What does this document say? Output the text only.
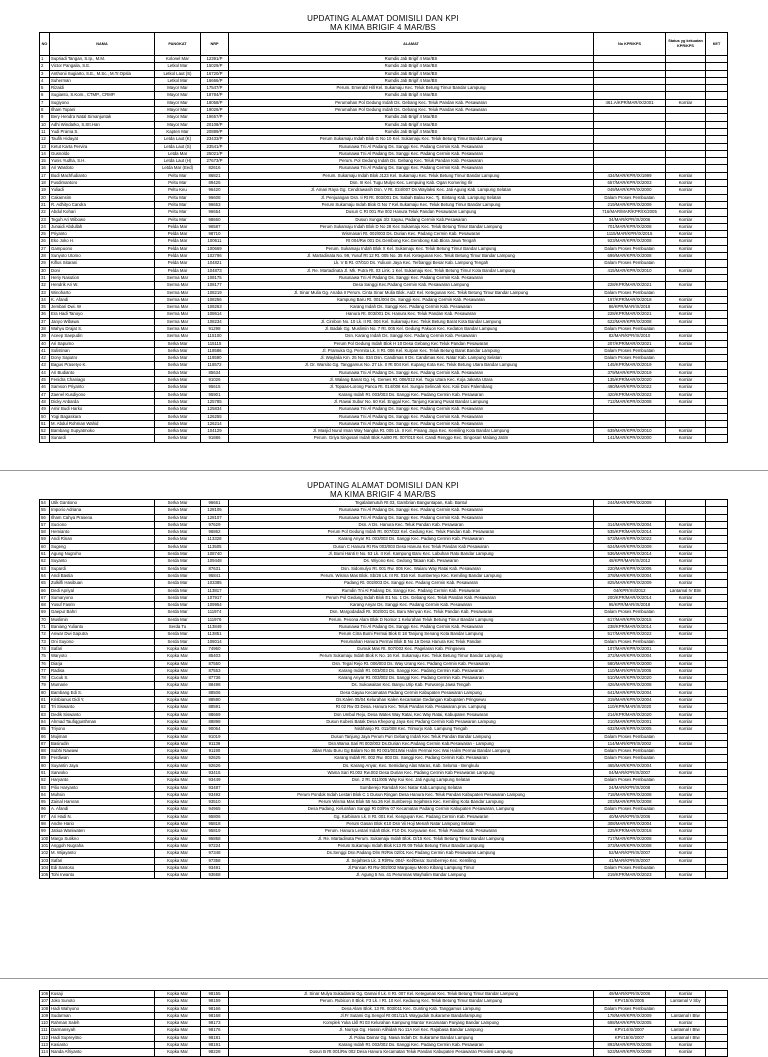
UPDATING ALAMAT DOMISILI DAN KPI
MA KIMA BRIGIF 4 MAR/BS
NO	NAMA	PANGKAT	NRP	ALAMAT	No KPR/KPS	Status yg kekuatan KPR/KPS	KET
1	Supriadi Tangan, S.Ip., M.M.	Kolonel Mar	12391/P	Rumdis Jab Brigif 4 Mar/BS			
2	Victor Pangaila, S.E.	Letkol Mar	15029/P	Rumdis Jab Brigif 4 Mar/BS			
3	Anthonii Sugiarto, S.E., M.Sc., M.Tr.Opsla	Letkol Laut (S)	16720/P	Rumdis Jab Brigif 4 Mar/BS			
4	Suherman	Letkol Mar	16666/P	Rumdis Jab Brigif 4 Mar/BS			
5	Rizaldi	Mayor Mar	17547/P	Perum. Emerald Hill Kel. Sukamaju Kec. Teluk Betung Timur Bandar Lampung			
6	Sugianto, S.Kom., CTMP., CRMP.	Mayor Mar	18784/P	Rumdis Jab Brigif 4 Mar/BS			
7	Sugiyono	Mayor Mar	18058/P	Perumahan Pol Gedung Indah Ds. Gebang Kec. Teluk Pandan Kab. Pesawaran	461.A/KPR/MAR/IX/2001	Komlar	
8	Ilham Topani	Mayor Mar	19026/P	Perumahan Pol Gedung Indah Ds. Gebang Kec. Teluk Pandan Kab. Pesawaran			
9	Bery Hendra Natal Simanjuntak	Mayor Mar	19657/P	Rumdis Jab Brigif 4 Mar/BS			
10	Adhi Windarko, S.SIt.Han	Mayor Mar	20108/P	Rumdis Jab Brigif 4 Mar/BS			
11	Yudi Prama S.	Kapten Mar	20889/P	Rumdis Jab Brigif 4 Mar/BS			
12	Taufik Hidayat	Letda Laut (K)	23433/P	Perum Sukamaju Indah Blok G No 10 Kel. Sukamaju Kec. Teluk Betung Timur Bandar Lampung			
13	Ketut Karta Pervira	Letda Laut (S)	23541/P	Rusunawa Tni Al Padang Ds. Sanggi Kec. Padang Cermin Kab. Pesawaran			
14	Gusnoldo	Letda Mar	25021/P	Rusunawa Tni Al Padang Ds. Sanggi Kec. Padang Cermin Kab. Pesawaran			
15	Yunis Yudha, S.H.	Letda Laut (H)	27673/P	Perum. Pol Gedung Indah Ds. Gebang Kec. Teluk Pandan Kab. Pesawaran			
16	Ari Wardoto	Letda Mar (Eed)	82616	Rusunawa Tni Al Padang Ds. Sanggi Kec. Padang Cermin Kab. Pesawaran			
17	Budi Machfudianto	Peltu Mar	86821	Perum. Sukamaju Indah Blok J123 Kel. Sukamaju Kec. Teluk Betung Timur Bandar Lampung	434/MAR/KPR/IX/1999	Komlar	
18	Fusdimantoro	Peltu Mar	89425	Dsn. III Kel. Tugu Mulyo Kec. Lempuing Kab. Ogan Komering Ilir	657/MAR/KPR/IX/2003	Komlar	
19	Yuliadi	Peltu Keu	96420	Jl. Aman Raya Gg. Cendrawasih Dsn. V Rt. 024/007 Dn.Waylaksi Kec. Jati Agung Kab. Lampung Selatan	049/MAR/KPR/IX/2000	Komlar	
20	Cakamsim	Peltu Mar	96608	Jl. Penjuangan Dsn. Ii Rt Rt. 003/001 Ds. Sabah Balau Kec. Tj. Bintang Kab. Lampung Selatan	Dalam Proses Pembuatan		
21	R. Adhityo Candra	Peltu Mar	96653	Perum Sukamaju Indah Blok G No 7 Kel.Sukamaju Kec. Teluk Betung Timur Bandar Lampung	219/MAR/KPR/IX/2009	Komlar	
22	Abdul Kohari	Peltu Mar	96654	Dusun C Rt 001 Rw 002 Hanura Teluk Pandan Pesawaran Lampung	716/MAR/MAR/KPR/IX/2005	Komlar	
23	Teguh Ari Wibowo	Peltu Mar	98660	Dusun Sungai 3/2 Sayau, Padang Cermin Kab.Pesawaran	34/MAR/KPR/IX/2006	Komlar	
24	Junaidi Abdullah	Pelda Mar	96587	Perum Sukamaju Indah Blok D No 28 Kec Sukamaju Kec. Teluk Betung Timur Bandar Lampung	701/MAR/KPR/IX/2008	Komlar	
25	Priyanto	Pelda Mar	98710	Wismasari Rt. 002/003 Ds. Durian Kec. Padang Cermin Kab. Pesawaran	1115/MAR/KPR/IX/2015	Komlar	
26	Eko Joko H.	Pelda Mar	100611	Rt 004/Rw 001 Ds.Gembong Kec.Gembong Kab.Blora Jawa Tengah	923/MAR/KPR/IX/2008	Komlar	
27	Gampuono	Pelda Mar	100669	Perum. Sukamaju Indah Blok X Kel. Sukamaju Kec. Teluk Betung Timur Bandar Lampung	Dalam Proses Pembuatan	Komlar	
28	Sunyoto Utomo	Pelda Mar	102796	Jl. Martadinata No. 99, Yusuf Rt 12 Rt. 005 No. 35 Kel. Ketegunan Kec. Teluk Betung Timur Bandar Lampung	699/MAR/KPR/IX/2008	Komlar	
29	Kiflus Sitarani	Pelda Mar	104821	Lk. V B Rt. 07/010 Ds. Yuliuon Jaya Kec. Terbanggi Besar Kab. Lampung Tengah	Dalam Proses Pembuatan		
30	Doni	Pelda Mar	104873	Jl. Re. Martadinata Jl. Mk. Putra Rt. 03 Link. 1 Kel. Sukamaju Kec. Teluk Betung Timur Kota Bandar Lampung	415/MAR/KPR/IX/2010	Komlar	
31	Heriy Nasution	Serma Mar	108175	Rusunawa Tni Al Padang Ds. Sanggi Kec. Padang Cermin Kab. Pesawaran			
32	Hendrik Ari W.	Serma Mar	108177	Desa Sanggi Kec.Padang Cermin Kab. Pesawaran Lampung	228/KPR/MAR/IX/2021	Komlar	
33	Winoharto	Serma Mar	108219	Jl. Sinar Mulia Gg. Anaba II Perum. Cinta Sinar Mulia Blok. Aa/2 Kel. Ketegunan Kec. Teluk Betung Timur Bandar Lampung	Dalam Proses Pembuatan		
34	K. Afandi	Serma Mar	108256	Kampung Baru Rt. 001/004 Ds. Sanggi Kec. Padang Cermin Kab. Pesawaran	197/KPR/MAR/IX/2018	Komlar	
35	Jembari Dwi. W	Serma Mar	108263	Karang Indah Ds. Sanggi Kec. Padang Cermin Kab. Pesawaran	86/KPR/MAR/IX/2018	Komlar	
36	Era Hadi Tanoyo	Serma Mar	108614	Hanura Rt. 003/001 Ds. Hanura Kec. Teluk Pandan Kab. Pesawaran	228/KPR/MAR/IX/2021	Komlar	
37	Janyo Wibawa	Serma Mar	108234	Jl. Cirebon No. 10 Lk. II Rt. 004 Kel. Sukamaju Kec. Teluk Betung Barat Kota Bandar Lampung	622/MAR/KPR/IX/2008	Komlar	
38	Wahyu Drajat S.	Serma Mar	91298	Jl. Badak Gg. Muslimin No. 7 Rt. 005 Kel. Gedung Pakuon Kec. Kedaton Bandar Lampung	Dalam Proses Pembuatan		
39	Aceep Saepudin	Serma Mar	115100	Dsn. Karang Indah Ds. Sanggi Kec. Padang Cermin Kab. Pesawaran	82/MAR/KPR/IX/2010	Komlar	
40	Ari Sapurno	Serka Mar	115115	Perum Pol Gedung Indah Blok H 10 Desa Gebang Kec Teluk Pandan Pesawaran	207/KPR/MAR/IX/2021	Komlar	
41	Sulistinan	Serka Mar	118586	Jl. Pramuka Gg. Permita Lk. II Rt. 006 Kel. Kurpan Kec. Teluk Betung Barat Bandar Lampung	Dalam Proses Pembuatan		
42	Dony Saputro	Serka Mar	118590	Jl. Waylalia Km. 25 No. 034 Dsn. Candimas II Ds. Candimas Kec. Natar Kab. Lampung Selatan	Dalam Proses Pembuatan		
43	Bagus Prasetyo K.	Serka Mar	118572	Jl. Dr. Warsito Gg. Tanggamus No. 27 Lk. II Rt 004 Kel. Kupang Kota Kec. Teluk Betung Utara Bandar Lampung	145/KPR/MAR/IX/2019	Komlar	
44	Ari Budianto	Serka Mar	85634	Rusunawa Tni Al Padang Ds. Sanggi Kec. Padang Cermin Kab. Pesawaran	379/MAR/KPR/IX/2019	Komlar	
45	Fenidra Chaniago	Serka Mar	91026	Jl. Walang Banat Gg. Hj. Gemes Rt. 006/012 Kel. Tugu Utara Kec. Koja Jakarta Utara	135/KPR/MAR/IX/2020	Komlar	
46	Samson Priyanto	Serka Mar	95615	Jl. Topaas-Lorong Panca Rt. 014/008 Kel. Sungai Selincah Kec. Kali Doni Palembang	490/MAR/KPR/IX/2022	Komlar	
47	Zaenel Kusdiyono	Serka Mar	95901	Karang Indah Rt. 003/003 Ds. Sanggi Kec. Padang Cermin Kab. Pesawaran	420/KPR/MAR/IX/2022	Komlar	
48	Dicky Anbarda	Serka Mar	125785	Jl. Rawai Subur No. 60 Kel. Enggal Kec. Tanjung Karang Pusat Bandar Lampung	712/MAR/KPR/IX/2008	Komlar	
49	Amir Budi Harko	Serka Mar	125834	Rusunawa Tni Al Padang Ds. Sanggi Kec. Padang Cermin Kab. Pesawaran			
50	Yogi Bagaskara	Serka Mar	126255	Rusunawa Tni Al Padang Ds. Sanggi Kec. Padang Cermin Kab. Pesawaran			
51	M. Abdul Rohman Wahid	Serka Mar	126214	Rusunawa Tni Al Padang Ds. Sanggi Kec. Padang Cermin Kab. Pesawaran			
52	Bambang Supyatmoko	Serka Mar	104129	Jl. Masjid Nurul Iman Way Nangka Rt. 005 Lk. II Kel. Pinang Jaya Kec. Kemiling Kota Bandar Lampung	639/MAR/KPR/IX/2010	Komlar	
53	Sunardi	Serka Mar	91886	Perum. Griya Singosari Indah Blok Aa/80 Rt. 007/010 Kel. Candi Renggo Kec. Singosari Malang Jatim	141/MAR/KPR/IX/2000	Komlar	
UPDATING ALAMAT DOMISILI DAN KPI
MA KIMA BRIGIF 4 MAR/BS
54	Utik Gantiono	Serka Mar	96661	Tegalalamutuh Rt 03, Gambrian Banguntapan, Kab. Bantul	244/MAR/KPR/IX/2009		
55	Imporio Adriana	Serka Mar	128105	Rusunawa Tni Al Padang Ds. Sanggi Kec. Padang Cermin Kab. Pesawaran			
56	Ilham Cahya Prasena	Serka Mar	128107	Rusunawa Tni Al Padang Ds. Sanggi Kec. Padang Cermin Kab. Pesawaran			
57	Suciono	Serka Mar	97629	Dsn. A Ds. Hanura Kec. Teluk Pandan Kab. Pesawaran	314/MAR/KPR/IX/2004	Komlar	
58	Hemianto	Serka Mar	96862	Perum Pol Gedung Indah Rt. 007/022 Kel. Gedung Kec. Teluk Pandan Kab. Pesawaran	535/KPR/MAR/IX/2014	Komlar	
59	Andi Rinan	Serka Mar	113328	Karang Anyar Rt. 003/003 Ds. Sanggi Kec. Padang Cermin Kab. Pesawaran	573/MAR/KPR/IX/2022	Komlar	
60	Sugeng	Serka Mar	113505	Dusun C Hanura Rt Rw 003/003 Desa Hanura Kec Teluk Pandan Kab Pesawaran	624/MAR/KPR/IX/2009	Komlar	
61	Agung Nugroho	Serda Mar	108740	Jl. Bumi Hanti II No. 53 Lk. II Kel. Kampung Baru Kec. Labuhan Ratu Bandar Lampung	536/MAR/KPR/IX/2014	Komlar	
62	Suyanto	Serda Mar	109448	Ds. Wiyono Kec. Gedong Tataan Kab. Pesawaran	48/KPR/MAR/IX/2012	Komlar	
63	Supardi	Serda Mar	87631	Dsn. Sidomulyo Rt. 001 Rw. 005 Kec. Waiaru Way Ratai Kab. Pesawaran	220/MAR/KPR/IX/2006	Komlar	
64	Andi Bastia	Serda Mar	95841	Perum. Wisma Mas Blok. Sb/26 Lk. III Rt. 016 Kel. Sumberrejo Kec. Kemiling Bandar Lampung	378/MAR/KPR/IX/2004	Komlar	
65	Zulkifli Hasibuan	Serda Mar	103385	Padang Rt. 002/003 Ds. Sanggi Kec. Padang Cermin Kab. Pesawaran	825/MAR/KPR/IX/2009	Komlar	
66	Dedi Apriyal	Serda Mar	113817	Rumdin Tni Al Padang Ds. Sanggi Kec. Padang Cermin Kab. Pesawaran	04/KPR/XII/2012	Lantamal IV Btm	
67	Sumaryono	Serda Mar	107917	Perum Pol Gedung Indah Blok E1 No. 1 Ds. Gebang Kec. Teluk Pandan Kab. Pesawaran	200/KPR/MAR/IX/2014	Komlar	
68	Yusuf Fasrin	Serda Mar	109954	Karang Anyar Ds. Sanggi Kec. Padang Cermin Kab. Pesawaran	95/KPR/MAR/IX/2018	Komlar	
69	Gaepur Bahri	Serda Mar	111974	Dsn. Margodadadi Rt. 002/001 Ds. Baru Menyan Kec. Teluk Pandan Kab. Pesawaran	Dalam Proses Pembuatan		
70	Muslimin	Serda Mar	111976	Perum. Pesona Alam Blok D Nomor 1 Kelurahan Teluk Betung Timur Bandar Lampung	617/MAR/KPR/IX/2015	Komlar	
71	Baniang Yulianto	Serda Tu	113849	Rusunawa Tni Al Padang Ds. Sanggi Kec. Padang Cermin Kab. Pesawaran	238/KPR/MAR/IX/2014	Komlar	
72	Anwar Dwi Saputra	Serda Mar	113851	Perum Citra Bumi Permai Blok E 18 Tanjung Senang Kota Bandar Lampung	517/MAR/KPR/IX/2022	Komlar	
73	Oni Suyono	Serda Mar	108014	Perumahan Hanura Permai Blok B No 16 Desa Hanura Kec Teluk Pandan	Dalam Proses Pembuatan		
74	Safari	Kopka Mar	74960	Gumuk Mas Rt. 007/002 Kec. Pagelaran Kab. Pringsewu	107/MAR/KPR/IX/2001	Komlar	
75	Waryoto	Kopka Mar	85403	Perum Sukamaju Indah Blok K No. 16 Kel. Sukamaju Kec. Teluk Betung Timur Bandar Lampung	372/MAR/KPR/IX/2004	Komlar	
76	Diarja	Kopka Mar	87550	Dsn. Tegal Rejo Rt. 006/003 Ds. Way Urang Kec. Padang Cermin Kab. Pesawaran	580/MAR/KPR/IX/2000	Komlar	
77	Radisa	Kopka Mar	87553	Karang Indah Rt. 003/003 Ds. Sanggi Kec. Padang Cermin Kab. Pesawaran	110/MAR/KPR/IX/2005	Komlar	
78	Cucuk S.	Kopka Mar	87736	Karang Anyar Rt. 003/002 Ds. Sanggi Kec. Padang Cermin Kab. Pesawaran	510/MAR/KPR/IX/2020	Komlar	
79	Mumarie	Kopka Mar	88498	Ds. Sukowaitan Kec. Banyu Urip Kab. Purworejo Jawa Tengah	426/MAR/KPR/IX/2008	Komlar	
80	Bambang Edi S.	Kopka Mar	88506	Desa Gayau Kecamatan Padang Cermin Kabupaten Pesawaran Lampung	641/MAR/KPR/IX/2004	Komlar	
81	Krisbianus Didi Y.	Kopka Mar	88590	Ds.Kalen 05/04 Kelurahan Kalen Kecamatan Gedangan Kabupaten Pringsewu	319/MAR/KPR/IX/2004	Komlar	
82	Tri Siswanto	Kopka Mar	88591	Rt 02 Rw 03 Desa. Hanura Kec. Teluk Pandan Kab. Pesawaran.prov. Lampung	110/KPR/MAR/IX/2020	Komlar	
83	Dedik Siswanto	Kopka Mar	88669	Dsn Umbul Rejo, Desa Wates Way Ratai, Kec Way Ratai, Kabupaten Pesawaran	214/KPR/MAR/IX/2020	Komlar	
84	Ahmad Taufiqgunthman	Kopka Mar	88898	Dusun Kubeni Batak Desa Khepong Jaya Kec Padang Cermin Kab Pesawaran Lampung	210/MAR/KPR/IX/2001	Komlar	
85	Triyono	Kopka Mar	90064	Nisbhanjo Rt. 011/008 Kec. Trimurjo Kab. Lampung Tengah	632/MAR/KPR/IX/2005	Komlar	
86	Mujiman	Kopka Mar	91019	Dusun Tanjung Jaya Perum Puri Gebang Indah Kec Teluk Pandan Bandar Lampung	Dalam Proses Pembuatan		
87	Basirudin	Kopka Mar	91139	Dsn.Wama Sari Rt 002/002 Ds.Durian Kec.Padang Cermin Kab.Pesawaran - Lampung	114/MAR/KPR/IX/2002	Komlar	
88	Subhi Nawawi	Kopka Mar	91190	Jalan Ratu Buru Gg Balam No 06 Rt 001/001Wai Halim Permai Kec Wai Halim Permai Bandar Lampung	Dalam Proses Pembuatan		
89	Ferdiwan	Kopka Mar	92625	Karang Indah Rt. 002 Rw. 003 Ds. Sanggi Kec. Padang Cermin Kab. Pesawaran	Dalam Proses Pembuatan		
90	Suyantin Jaya	Kopka Mar	92626	Ds. Karang Anyar, Kec. Semidang Alas Maras, Kab. Seluma - Bengkulu	465/MAR/KPR/IX/2004	Komlar	
91	Sarwoko	Kopka Mar	93415	Wama Sari Rt.002 Rw.002 Desa Durian Kec. Padang Cermin Kab Pesawaran Lampung	04/MAR/KPR/IX/2007	Komlar	
92	Haryanto	Kopka Mar	93449	Dsn. 2 Rt. 011/005 Way Kui Kec. Jati Agung Lampung Selatan	Dalam Proses Pembuatan		
93	Pilio Haryanto	Kopka Mar	93487	Sumberejo Ramdah Kec Natar Kab.Lampung Selatan	24/MAR/KPR/IX/2008	Komlar	
94	Muhsin	Kopka Mar	93492	Perum Pondok Indah Lestari Blok C 1 Dusun Ringan Desa Hanura Kec. Teluk Pandan Kabupaten Pesawaran Lampung	718/MAR/KPR/IX/2008	Komlar	
95	Zainal Hamran	Kopka Mar	93510	Perum Wisma Mas Blok 55 No.26 Kel.Sumberejo Sejahtera Kec. Kemiling Kota Bandar Lampung	203/MAR/KPR/IX/2008	Komlar	
96	A. Afandi	Kopka Mar	94965	Desa Padang, Kelurahan Sanggi Rt 03/Rw 07 Kecamatan Padang Cermin Kabupaten Pesawaran, Lampung	Dalam Proses Pembuatan		
97	Ari Hadi N.	Kopka Mar	95806	Gg. Karbinam Lk. II Rt. 001 Kel. Kenguyan Kec. Padang Cermin Kab. Pesawaran	40/MAR/KPR/IX/2006	Komlar	
98	Andre Hario	Kopka Mar	95818	Perum Gasan Blok K10 Dsn Vii Hoji Menah Natar Lampung Selatan	308/MAR/KPR/IX/2004	Komlar	
99	Jatiua Waniwaten	Kopka Mar	95819	Perum. Hanura Lestari Indah Blok. F10 Ds. Kuryuwan Kec. Teluk Pandan Kab. Pesawaran	225/KPR/MAR/IX/2018	Komlar	
100	Margo Sutikno	Kopka Mar	95858	Jl. Re. Martadinata Perum. Sukamaju Indah Blok. D/15 Kec. Teluk Betung Timur Bandar Lampung	717/MAR/KPR/IX/2008	Komlar	
101	Anggoh Nugraha	Kopka Mar	97224	Perum Sukamaju Indah Blok K13 Rt 09 Teluk Betung Timur Bandar Lampung	373/MAR/KPR/IX/2008	Komlar	
102	M. Wijayanto	Kopka Mar	97348	Ds.Senggi Dsn.Padang Dlm Rt/Rw 02/01 Kec Padang Cermin Kab Pesawaran Lampung	52/MAR/KPR/IX/2007	Komlar	
103	Safari	Kopka Mar	97358	Jl. Sejahtera Lk. 3 Rt/Rw. 004/- Kel/Desa: Sumberrejo Kec. Kemiling	41/MAR/KPR/IX/2007	Komlar	
104	Edi Santoso	Kopka Mar	93491	Jl.Pansan Rt Rw 002/002 Margoayu Metro Kibang Lampung Timur	Dalam Proses Pembuatan		
105	Tohi Irwanto	Kopka Mar	93658	Jl. Agung 5 No. 41 Perumnas Wayhalim Bandar Lampung	219/KPR/MAR/IX/2023	Komlar	
106	Kusaji	Kopka Mar	98155	Jl. Sinar Mulya Sukadanrai Gg. Damai Il Lk. II Rt. 007 Kel. Ketegunan Kec. Teluk Betung Timur Bandar Lampung	49/MAR/KPR/IX/2006	Komlar	
107	Joko Sunoto	Kopka Mar	98159	Perum. Rubicon II Blok. F3 Lk. I Rt. 10 Kel. Kedaung Kec. Teluk Betung Timur Bandar Lampung	KPV15/XI/2005	Lantamal V Sby	
108	Hadi Wahyono	Kopka Mar	98166	Desa Alam Blok. 13 Rt. 003/011 Kec. Gunting Kab. Tanggamus Lampung	Dalam Proses Pembuatan		
109	Sudarman	Kopka Mar	98168	Jl.Fr Sutami Gg.Sengol Rt 001/11/1 Wayguduk Sukarame Bandarlampung	178/MAR/KPR/IX/2009	Lantamal I Btw	
110	Rahman Saleh	Kopka Mar	98173	Komplek Yuka Lkll Rt 03 Kelurahan Kampung Mantor Kecamatan Panjang Bandar Lampung	698/MAR/KPR/IX/2005	Komlar	
111	Darmansyah	Kopka Mar	98176	Jl. Nursya Gg. Hussin Alihidah No 11A Kel Kec. Rajabasa Bandar Lampung	KPV14/XI/2007	Lantamal I Btw	
112	Hadi Supreyitno	Kopka Mar	98181	Jl. Polau Damar Gg. Nawa Indah Dr. Sukarame Bandar Lampung	KPV15/XI/2007	Lantamal I Btw	
113	Kasianto	Kopka Mar	98191	Karang Indah Rt. 002/002 Ds. Sanggi Kec. Padang Cermin Kab. Pesawaran	893/MAR/KPR/IX/2005	Komlar	
114	Nanda Afriyanto	Kopka Mar	98228	Dusun B Rt 001/Rw 002 Desa Hanura Kecamatan Teluk Pandan Kabupaten Pesawaran Provinsi Lampung	523/MAR/KPR/IX/2008	Komlar	
